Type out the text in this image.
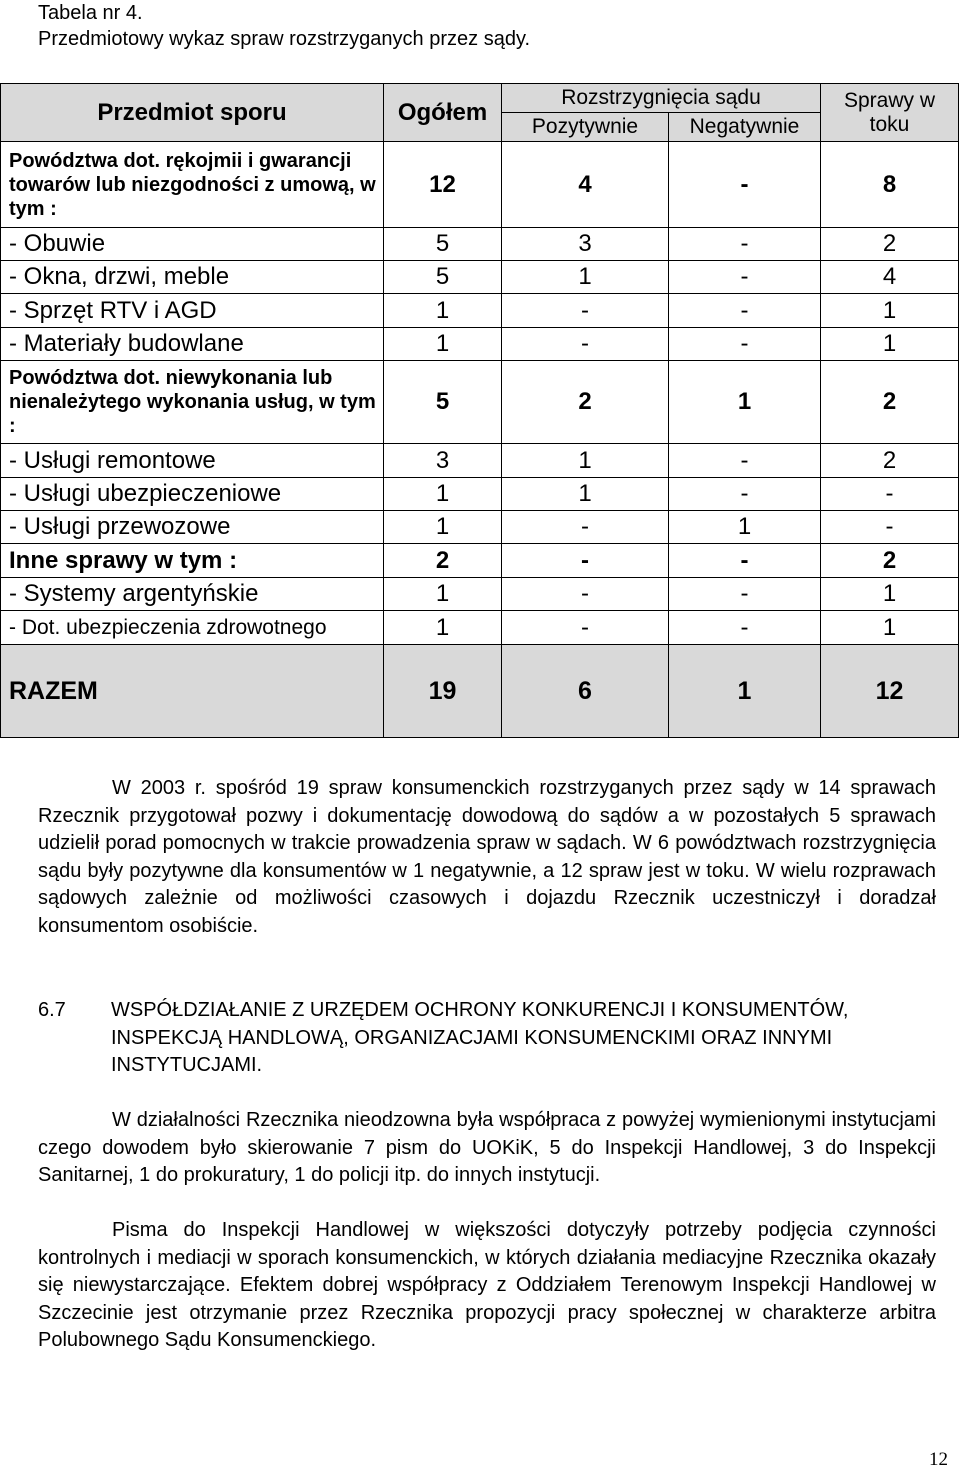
Tabela nr 4.
Przedmiotowy wykaz spraw rozstrzyganych przez sądy.
Przedmiot sporu	Ogółem	Rozstrzygnięcia sądu		Sprawy w toku
		Pozytywnie	Negatywnie	
Powództwa dot. rękojmii i gwarancji towarów lub niezgodności z umową, w tym :	12	4	-	8
- Obuwie	5	3	-	2
- Okna, drzwi, meble	5	1	-	4
- Sprzęt RTV i AGD	1	-	-	1
- Materiały budowlane	1	-	-	1
Powództwa dot. niewykonania lub nienależytego wykonania usług, w tym :	5	2	1	2
- Usługi remontowe	3	1	-	2
- Usługi ubezpieczeniowe	1	1	-	-
- Usługi przewozowe	1	-	1	-
Inne sprawy w tym :	2	-	-	2
- Systemy argentyńskie	1	-	-	1
- Dot. ubezpieczenia zdrowotnego	1	-	-	1
RAZEM	19	6	1	12

W 2003 r. spośród 19 spraw konsumenckich rozstrzyganych przez sądy w 14 sprawach Rzecznik przygotował pozwy i dokumentację dowodową do sądów a w pozostałych 5 sprawach udzielił porad pomocnych w trakcie prowadzenia spraw w sądach. W 6 powództwach rozstrzygnięcia sądu były pozytywne dla konsumentów w 1 negatywnie, a 12 spraw jest w toku. W wielu rozprawach sądowych zależnie od możliwości czasowych i dojazdu Rzecznik uczestniczył i doradzał konsumentom osobiście.

6.7 WSPÓŁDZIAŁANIE Z URZĘDEM OCHRONY KONKURENCJI I KONSUMENTÓW, INSPEKCJĄ HANDLOWĄ, ORGANIZACJAMI KONSUMENCKIMI ORAZ INNYMI INSTYTUCJAMI.

W działalności Rzecznika nieodzowna była współpraca z powyżej wymienionymi instytucjami czego dowodem było skierowanie 7 pism do UOKiK, 5 do Inspekcji Handlowej, 3 do Inspekcji Sanitarnej, 1 do prokuratury, 1 do policji itp. do innych instytucji.

Pisma do Inspekcji Handlowej w większości dotyczyły potrzeby podjęcia czynności kontrolnych i mediacji w sporach konsumenckich, w których działania mediacyjne Rzecznika okazały się niewystarczające. Efektem dobrej współpracy z Oddziałem Terenowym Inspekcji Handlowej w Szczecinie jest otrzymanie przez Rzecznika propozycji pracy społecznej w charakterze arbitra Polubownego Sądu Konsumenckiego.

12
